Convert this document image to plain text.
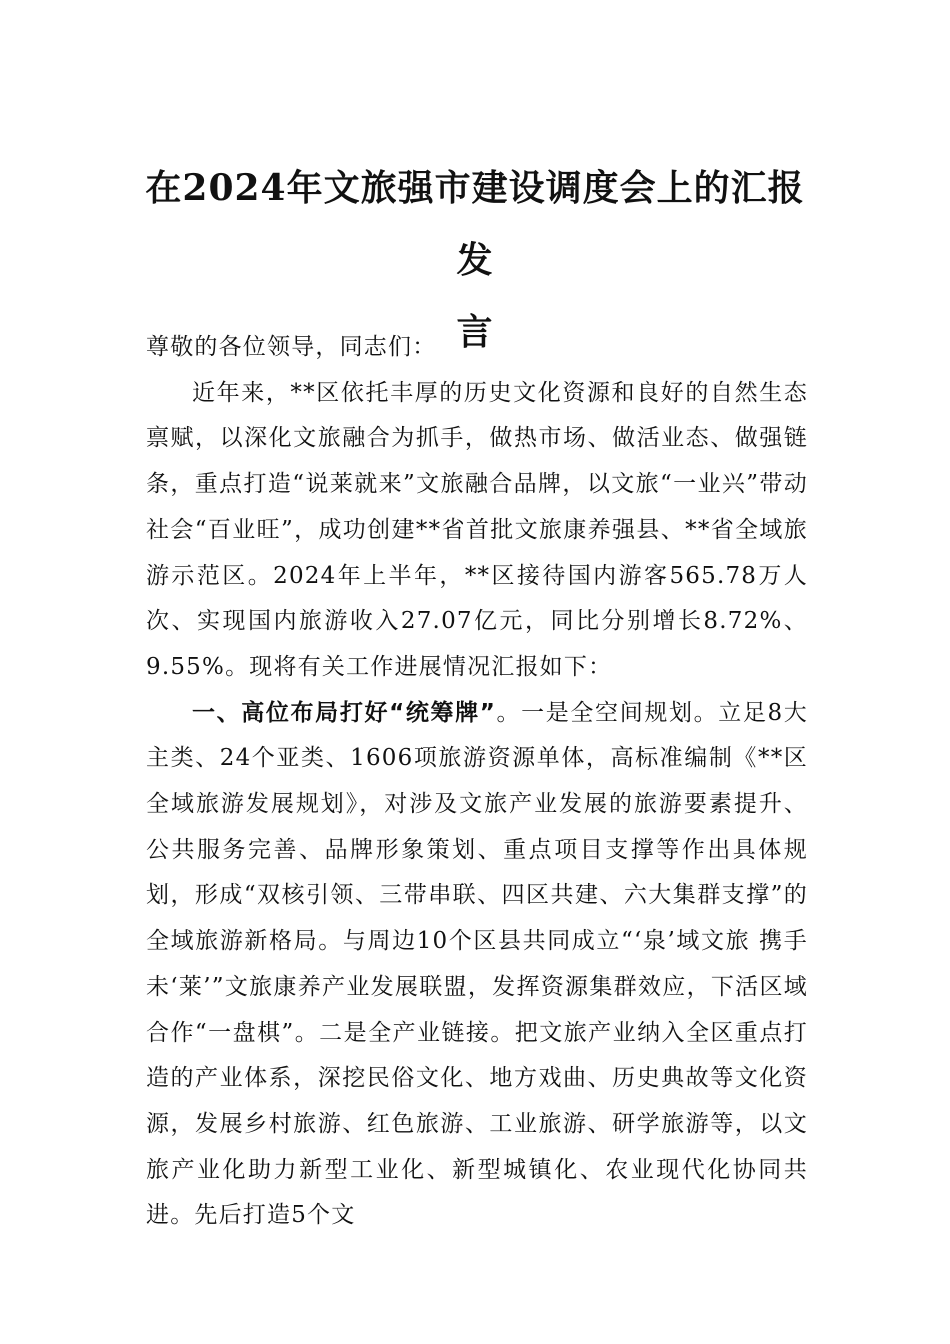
在2024年文旅强市建设调度会上的汇报发
言

尊敬的各位领导，同志们：

近年来，**区依托丰厚的历史文化资源和良好的自然生态禀赋，以深化文旅融合为抓手，做热市场、做活业态、做强链条，重点打造“说莱就来”文旅融合品牌，以文旅“一业兴”带动社会“百业旺”，成功创建**省首批文旅康养强县、**省全域旅游示范区。2024年上半年，**区接待国内游客565.78万人次、实现国内旅游收入27.07亿元，同比分别增长8.72%、9.55%。现将有关工作进展情况汇报如下：

一、高位布局打好“统筹牌”。一是全空间规划。立足8大主类、24个亚类、1606项旅游资源单体，高标准编制《**区全域旅游发展规划》，对涉及文旅产业发展的旅游要素提升、公共服务完善、品牌形象策划、重点项目支撑等作出具体规划，形成“双核引领、三带串联、四区共建、六大集群支撑”的全域旅游新格局。与周边10个区县共同成立“‘泉’域文旅 携手未‘莱’”文旅康养产业发展联盟，发挥资源集群效应，下活区域合作“一盘棋”。二是全产业链接。把文旅产业纳入全区重点打造的产业体系，深挖民俗文化、地方戏曲、历史典故等文化资源，发展乡村旅游、红色旅游、工业旅游、研学旅游等，以文旅产业化助力新型工业化、新型城镇化、农业现代化协同共进。先后打造5个文
